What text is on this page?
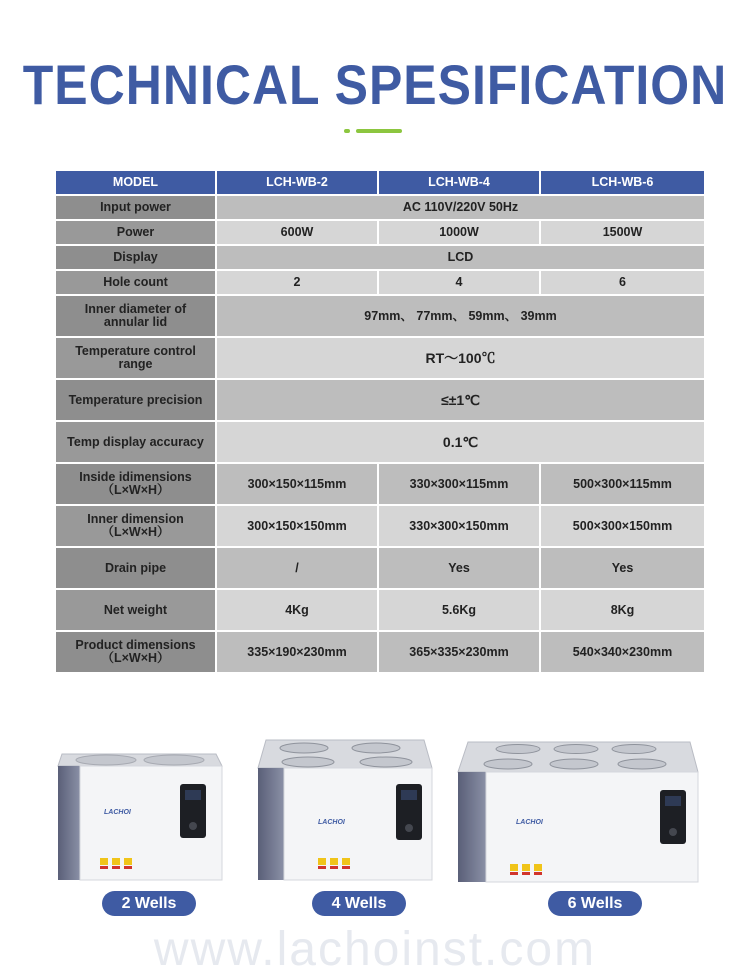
TECHNICAL SPESIFICATION
MODEL	LCH-WB-2	LCH-WB-4	LCH-WB-6

Input power	AC 110V/220V 50Hz		

Power	600W	1000W	1500W

Display	LCD		

Hole count	2	4	6

Inner diameter of
annular lid	97mm、 77mm、 59mm、 39mm		

Temperature control
range	RT～100℃		

Temperature precision	≤±1℃		

Temp display accuracy	0.1℃		

Inside idimensions
（L×W×H）	300×150×115mm	330×300×115mm	500×300×115mm

Inner dimension
（L×W×H）	300×150×150mm	330×300×150mm	500×300×150mm

Drain pipe	/	Yes	Yes

Net weight	4Kg	5.6Kg	8Kg

Product dimensions
（L×W×H）	335×190×230mm	365×335×230mm	540×340×230mm
LACHOI
LACHOI	LACHOI
2 Wells	4 Wells	6 Wells
www.lachoinst.com
